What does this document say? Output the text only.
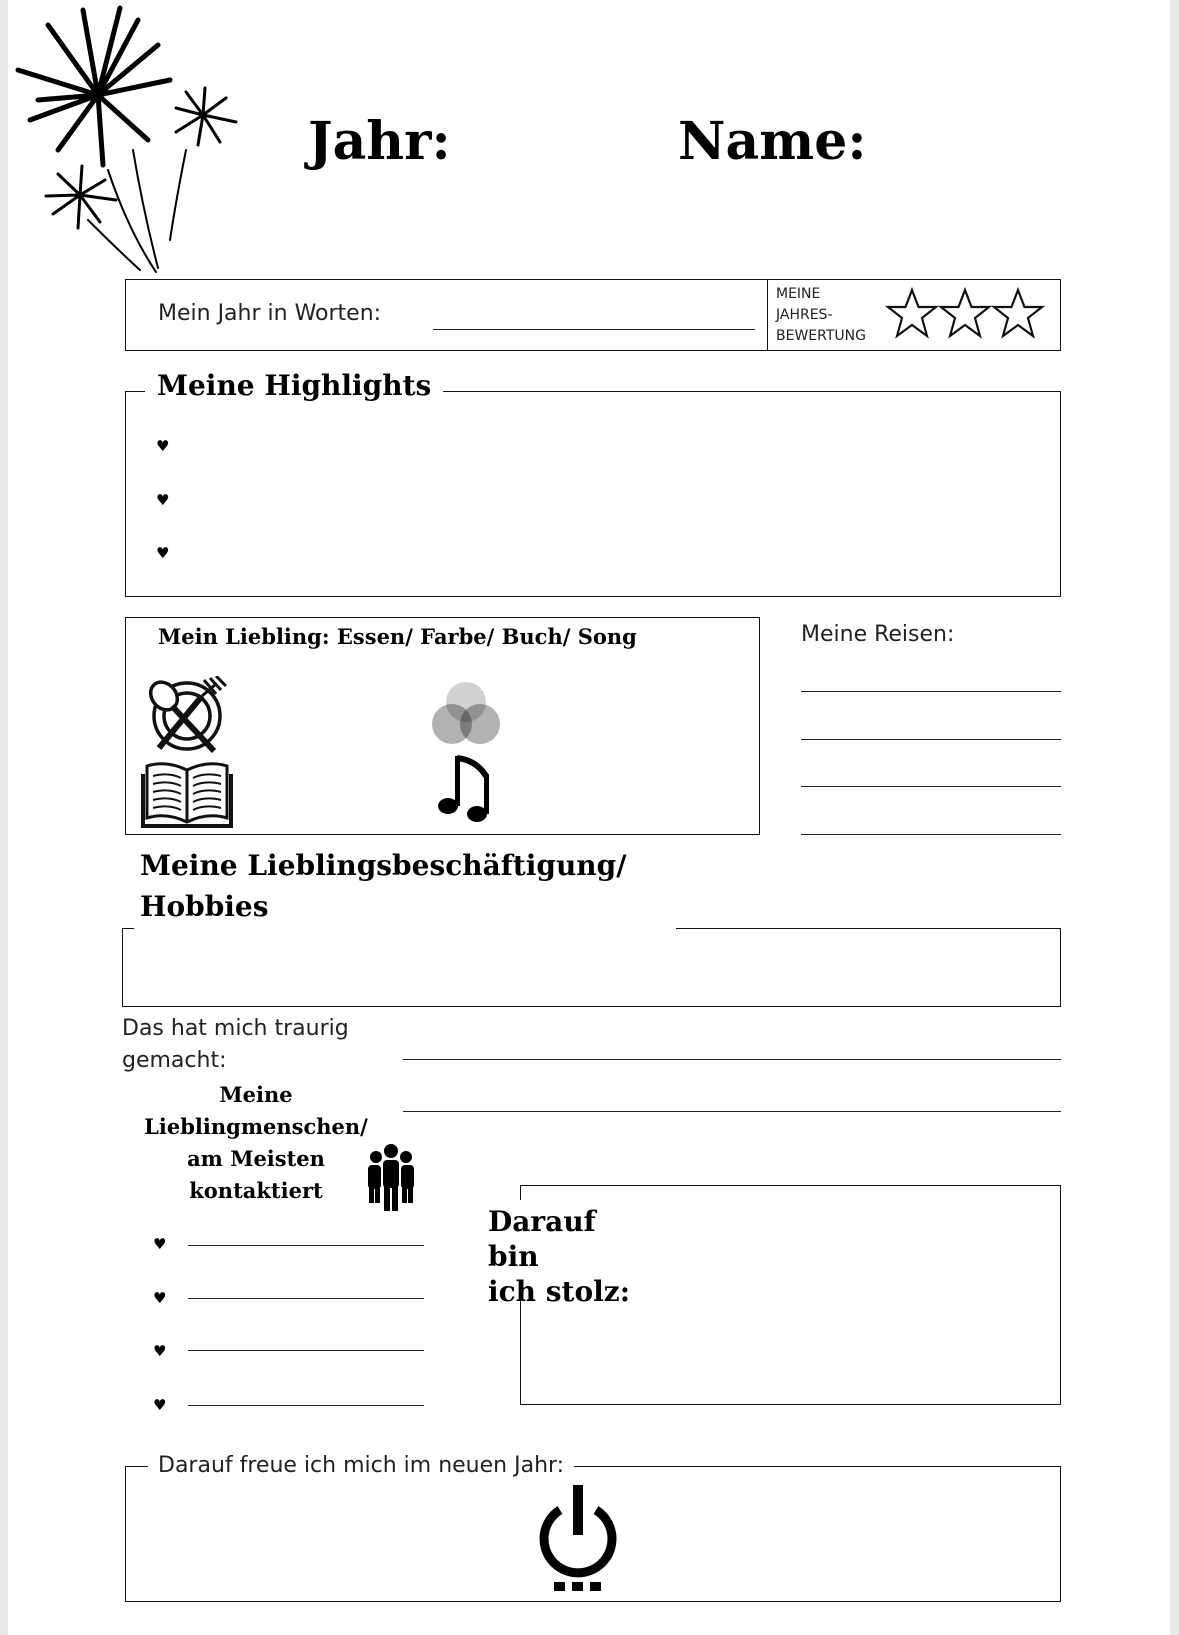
Jahr:	Name:
Mein Jahr in Worten:
MEINE
JAHRES-
BEWERTUNG
Meine Highlights
♥
♥
♥
Mein Liebling: Essen/ Farbe/ Buch/ Song	Meine Reisen:
Meine Lieblingsbeschäftigung/
Hobbies
Das hat mich traurig
gemacht:
Meine
Lieblingmenschen/
am Meisten
kontaktiert
♥
♥
♥
♥
Darauf bin
ich stolz:
Darauf freue ich mich im neuen Jahr:
